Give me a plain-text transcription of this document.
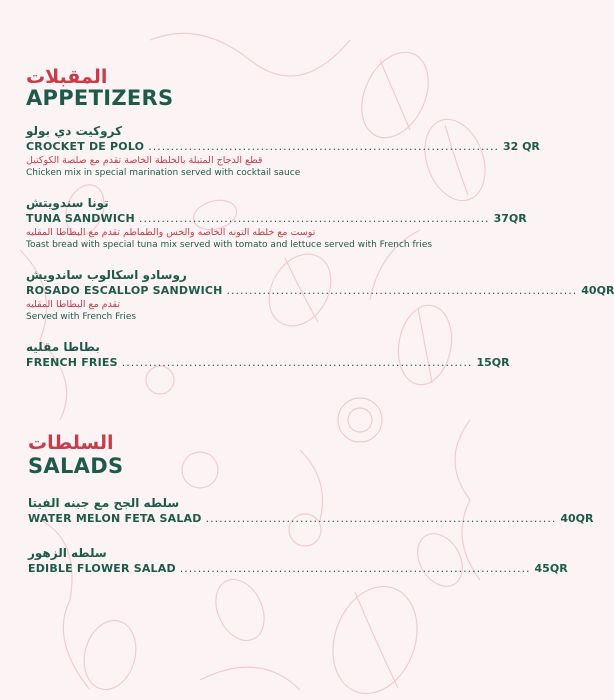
المقبلات
APPETIZERS
كروكيت دي بولو
CROCKET DE POLO .............................................................................. 32 QR
قطع الدجاج المتبلة بالخلطة الخاصة تقدم مع صلصة الكوكتيل
Chicken mix in special marination served with cocktail sauce
تونا سندويتش
TUNA SANDWICH .............................................................................. 37QR
توست مع خلطه التونه الخاصه والخس والطماطم تقدم مع البطاطا المقليه
Toast bread with special tuna mix served with tomato and lettuce served with French fries
روسادو اسكالوب ساندويش
ROSADO ESCALLOP SANDWICH .............................................................................. 40QR
تقدم مع البطاطا المقليه
Served with French Fries
بطاطا مقليه
FRENCH FRIES .............................................................................. 15QR
السلطات
SALADS
سلطه الجح مع جبنه الفيتا
WATER MELON FETA SALAD .............................................................................. 40QR
سلطه الزهور
EDIBLE FLOWER SALAD .............................................................................. 45QR
